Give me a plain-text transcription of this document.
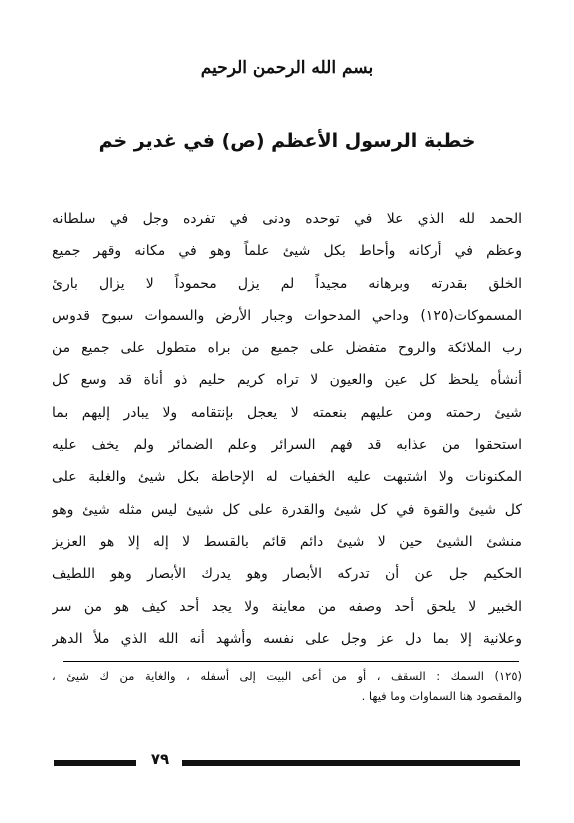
بسم الله الرحمن الرحيم
خطبة الرسول الأعظم (ص) في غدير خم
الحمد لله الذي علا في توحده ودنى في تفرده وجل في سلطانه
وعظم في أركانه وأحاط بكل شيئ علماً وهو في مكانه وقهر جميع
الخلق بقدرته وبرهانه مجيداً لم يزل محموداً لا يزال بارئ
المسموكات(١٢٥) وداحي المدحوات وجبار الأرض والسموات سبوح قدوس
رب الملائكة والروح متفضل على جميع من براه متطول على جميع من
أنشأه يلحظ كل عين والعيون لا تراه كريم حليم ذو أناة قد وسع كل
شيئ رحمته ومن عليهم بنعمته لا يعجل بإنتقامه ولا يبادر إليهم بما
استحقوا من عذابه قد فهم السرائر وعلم الضمائر ولم يخف عليه
المكنونات ولا اشتبهت عليه الخفيات له الإحاطة بكل شيئ والغلبة على
كل شيئ والقوة في كل شيئ والقدرة على كل شيئ ليس مثله شيئ وهو
منشئ الشيئ حين لا شيئ دائم قائم بالقسط لا إله إلا هو العزيز
الحكيم جل عن أن تدركه الأبصار وهو يدرك الأبصار وهو اللطيف
الخبير لا يلحق أحد وصفه من معاينة ولا يجد أحد كيف هو من سر
وعلانية إلا بما دل عز وجل على نفسه وأشهد أنه الله الذي ملأ الدهر
(١٢٥) السمك : السقف ، أو من أعى البيت إلى أسفله ، والغاية من ك شيئ ،
والمقصود هنا السماوات وما فيها .
٧٩
